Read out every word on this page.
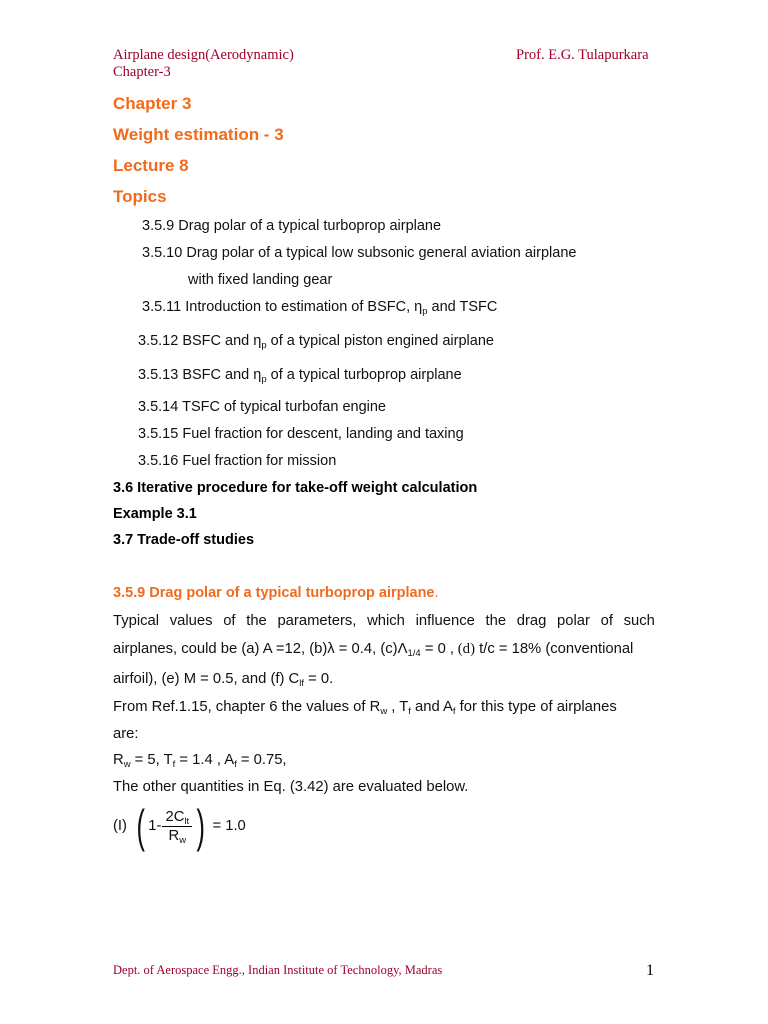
Airplane design(Aerodynamic)
Chapter-3
Prof. E.G. Tulapurkara
Chapter 3
Weight estimation - 3
Lecture 8
Topics
3.5.9 Drag polar of a typical turboprop airplane
3.5.10 Drag polar of a typical low subsonic general aviation airplane
with fixed landing gear
3.5.11 Introduction to estimation of BSFC, $\eta_p$ and TSFC
3.5.12 BSFC and $\eta_p$ of a typical piston engined airplane
3.5.13 BSFC and $\eta_p$ of a typical turboprop airplane
3.5.14 TSFC of typical turbofan engine
3.5.15 Fuel fraction for descent, landing and taxing
3.5.16 Fuel fraction for mission
3.6 Iterative procedure for take-off weight calculation
Example 3.1
3.7 Trade-off studies
3.5.9 Drag polar of a typical turboprop airplane.
Typical values of the parameters, which influence the drag polar of such
airplanes, could be (a) A =12, (b)λ = 0.4, $(c)\Lambda_{1/4} = 0$ , (d) t/c = 18% (conventional
airfoil), (e) M = 0.5, and (f) $C_{lf} = 0$.
From Ref.1.15, chapter 6 the values of $R_w$ , $T_f$ and $A_f$ for this type of airplanes
are:
$R_w = 5$, $T_f = 1.4$ , $A_f = 0.75$,
The other quantities in Eq. (3.42) are evaluated below.
(I) ( $1- \frac{2C_{lt}}{R_w}$ ) = 1.0
Dept. of Aerospace Engg., Indian Institute of Technology, Madras	1
